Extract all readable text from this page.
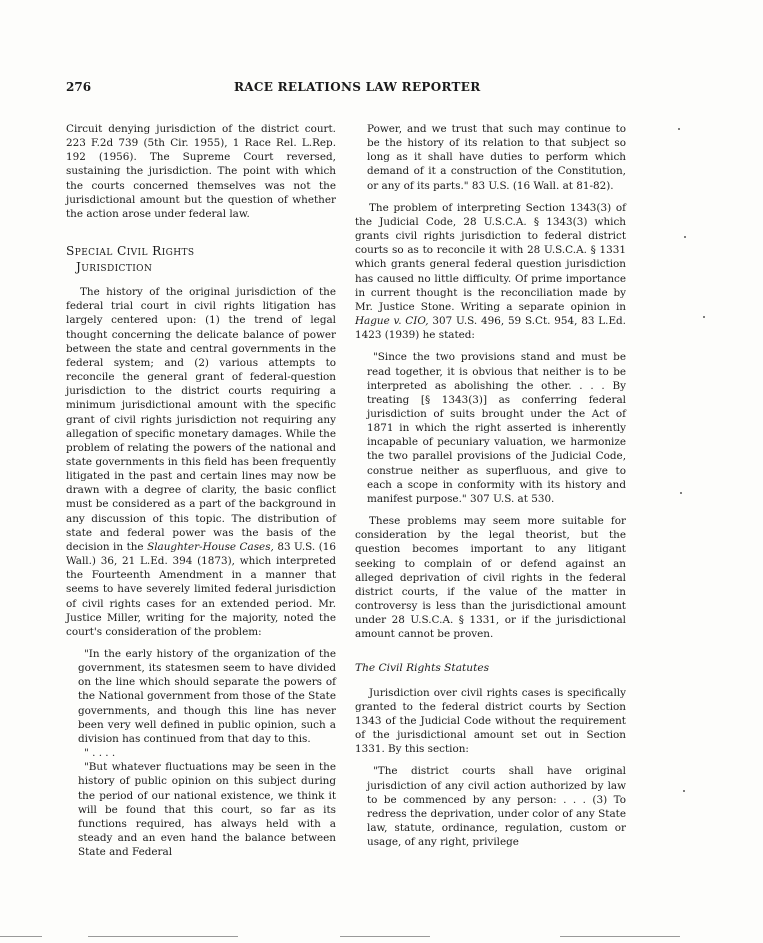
276	RACE RELATIONS LAW REPORTER

Circuit denying jurisdiction of the district court. 223 F.2d 739 (5th Cir. 1955), 1 Race Rel. L.Rep. 192 (1956). The Supreme Court reversed, sustaining the jurisdiction. The point with which the courts concerned themselves was not the jurisdictional amount but the question of whether the action arose under federal law.

Special Civil Rights
Jurisdiction

The history of the original jurisdiction of the federal trial court in civil rights litigation has largely centered upon: (1) the trend of legal thought concerning the delicate balance of power between the state and central governments in the federal system; and (2) various attempts to reconcile the general grant of federal-question jurisdiction to the district courts requiring a minimum jurisdictional amount with the specific grant of civil rights jurisdiction not requiring any allegation of specific monetary damages. While the problem of relating the powers of the national and state governments in this field has been frequently litigated in the past and certain lines may now be drawn with a degree of clarity, the basic conflict must be considered as a part of the background in any discussion of this topic. The distribution of state and federal power was the basis of the decision in the Slaughter-House Cases, 83 U.S. (16 Wall.) 36, 21 L.Ed. 394 (1873), which interpreted the Fourteenth Amendment in a manner that seems to have severely limited federal jurisdiction of civil rights cases for an extended period. Mr. Justice Miller, writing for the majority, noted the court's consideration of the problem:

"In the early history of the organization of the government, its statesmen seem to have divided on the line which should separate the powers of the National government from those of the State governments, and though this line has never been very well defined in public opinion, such a division has continued from that day to this.

" . . . .

"But whatever fluctuations may be seen in the history of public opinion on this subject during the period of our national existence, we think it will be found that this court, so far as its functions required, has always held with a steady and an even hand the balance between State and Federal

Power, and we trust that such may continue to be the history of its relation to that subject so long as it shall have duties to perform which demand of it a construction of the Constitution, or any of its parts." 83 U.S. (16 Wall. at 81-82).

The problem of interpreting Section 1343(3) of the Judicial Code, 28 U.S.C.A. § 1343(3) which grants civil rights jurisdiction to federal district courts so as to reconcile it with 28 U.S.C.A. § 1331 which grants general federal question jurisdiction has caused no little difficulty. Of prime importance in current thought is the reconciliation made by Mr. Justice Stone. Writing a separate opinion in Hague v. CIO, 307 U.S. 496, 59 S.Ct. 954, 83 L.Ed. 1423 (1939) he stated:

"Since the two provisions stand and must be read together, it is obvious that neither is to be interpreted as abolishing the other. . . . By treating [§ 1343(3)] as conferring federal jurisdiction of suits brought under the Act of 1871 in which the right asserted is inherently incapable of pecuniary valuation, we harmonize the two parallel provisions of the Judicial Code, construe neither as superfluous, and give to each a scope in conformity with its history and manifest purpose." 307 U.S. at 530.

These problems may seem more suitable for consideration by the legal theorist, but the question becomes important to any litigant seeking to complain of or defend against an alleged deprivation of civil rights in the federal district courts, if the value of the matter in controversy is less than the jurisdictional amount under 28 U.S.C.A. § 1331, or if the jurisdictional amount cannot be proven.

The Civil Rights Statutes

Jurisdiction over civil rights cases is specifically granted to the federal district courts by Section 1343 of the Judicial Code without the requirement of the jurisdictional amount set out in Section 1331. By this section:

"The district courts shall have original jurisdiction of any civil action authorized by law to be commenced by any person: . . . (3) To redress the deprivation, under color of any State law, statute, ordinance, regulation, custom or usage, of any right, privilege
